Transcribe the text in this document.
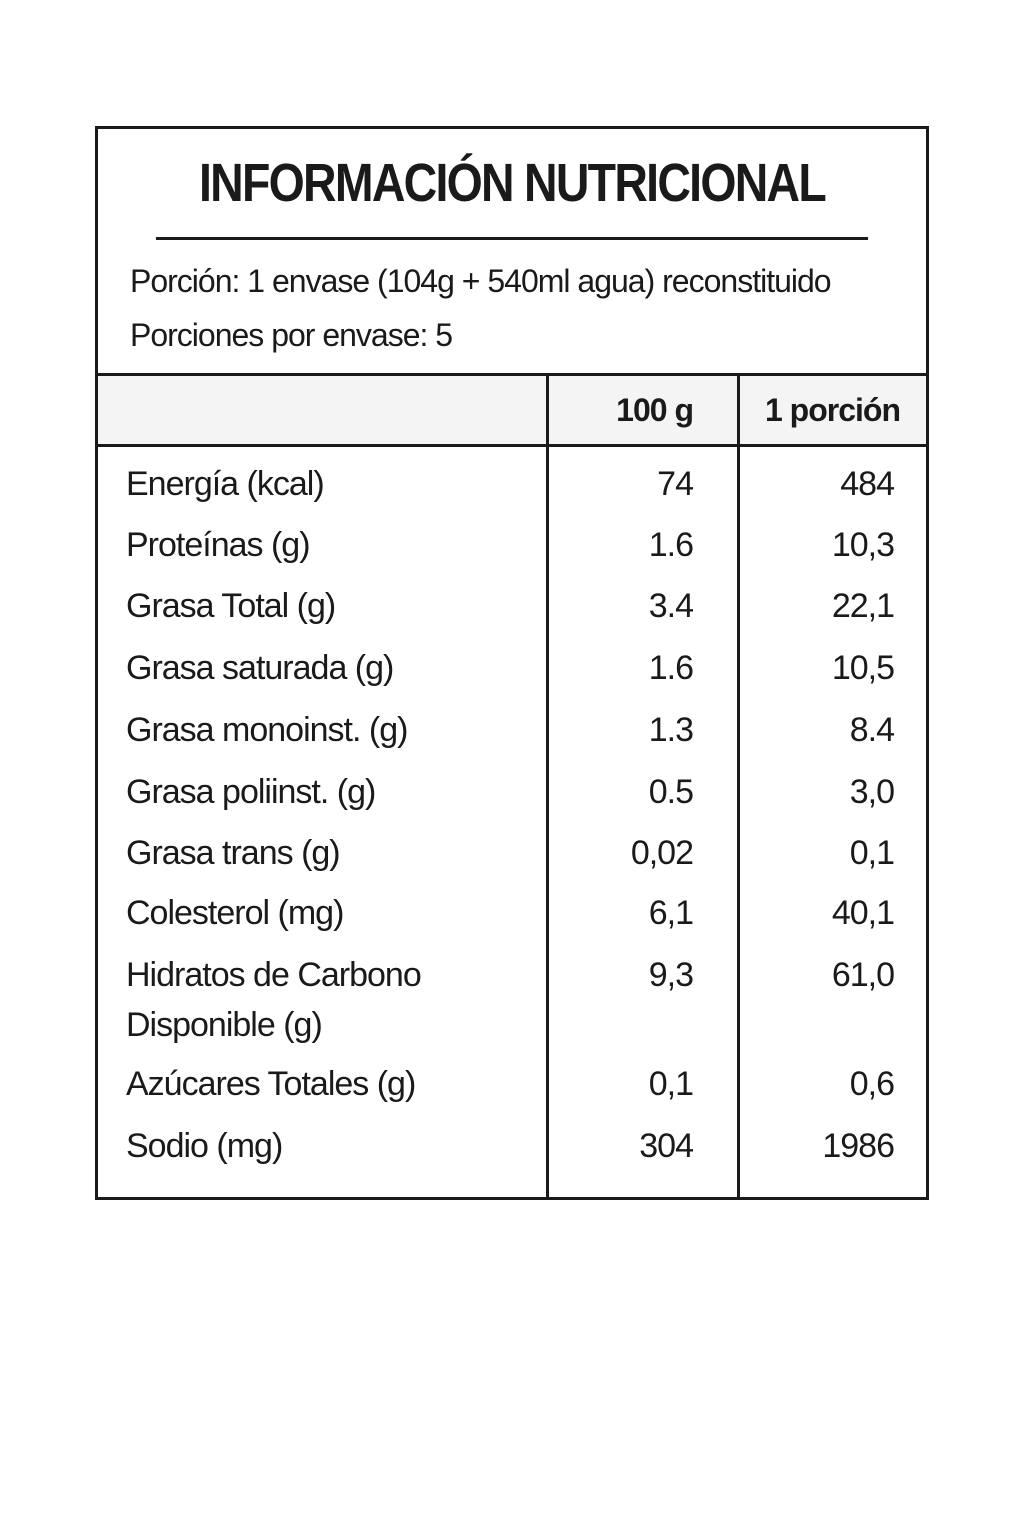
INFORMACIÓN NUTRICIONAL
Porción: 1 envase (104g + 540ml agua) reconstituido
Porciones por envase: 5
100 g	1 porción
Energía (kcal)	74	484
Proteínas (g)	1.6	10,3
Grasa Total (g)	3.4	22,1
Grasa saturada (g)	1.6	10,5
Grasa monoinst. (g)	1.3	8.4
Grasa poliinst. (g)	0.5	3,0
Grasa trans (g)	0,02	0,1
Colesterol (mg)	6,1	40,1
Hidratos de Carbono
Disponible (g)
9,3	61,0
Azúcares Totales (g)	0,1	0,6
Sodio (mg)	304	1986
